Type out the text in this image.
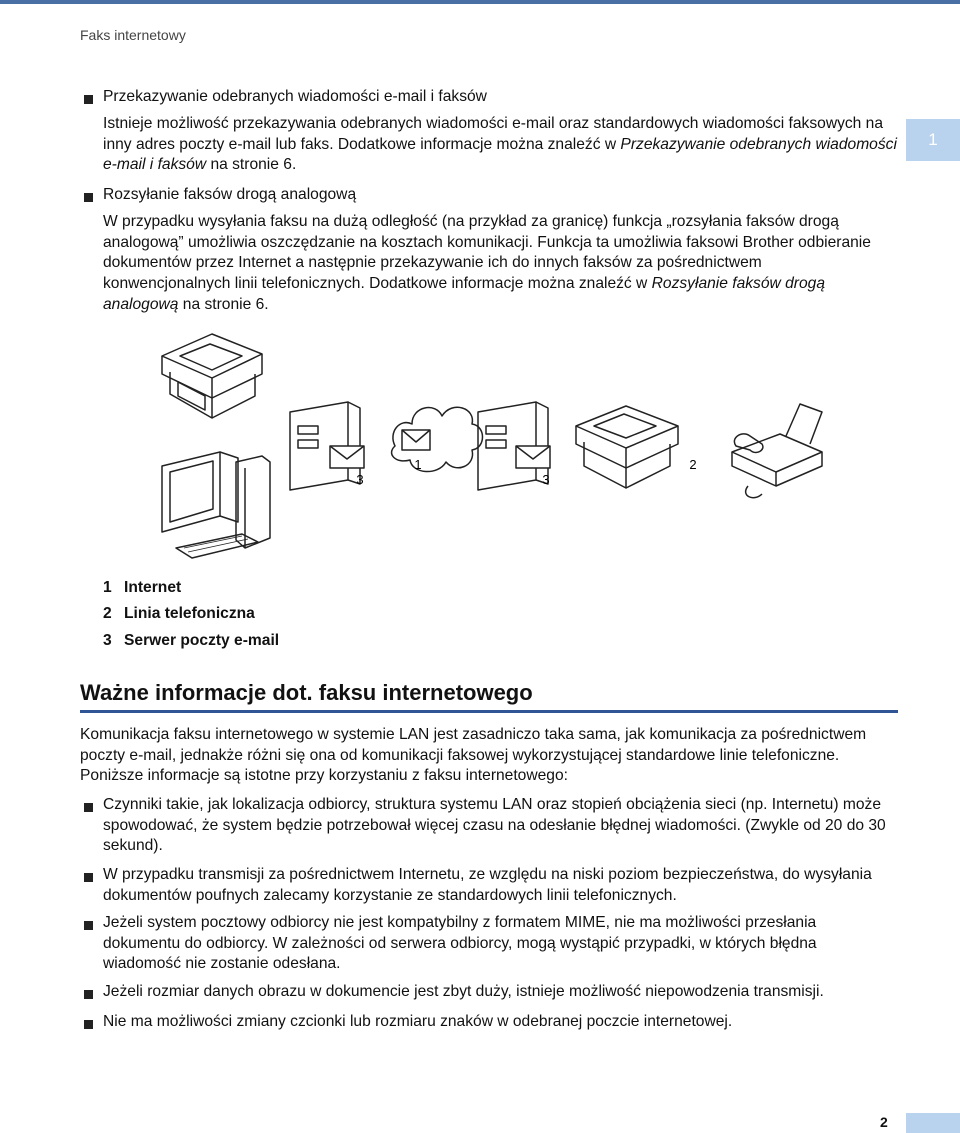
Faks internetowy
1
Przekazywanie odebranych wiadomości e-mail i faksów
Istnieje możliwość przekazywania odebranych wiadomości e-mail oraz standardowych wiadomości faksowych na inny adres poczty e-mail lub faks. Dodatkowe informacje można znaleźć w Przekazywanie odebranych wiadomości e-mail i faksów na stronie 6.
Rozsyłanie faksów drogą analogową
W przypadku wysyłania faksu na dużą odległość (na przykład za granicę) funkcja „rozsyłania faksów drogą analogową” umożliwia oszczędzanie na kosztach komunikacji. Funkcja ta umożliwia faksowi Brother odbieranie dokumentów przez Internet a następnie przekazywanie ich do innych faksów za pośrednictwem konwencjonalnych linii telefonicznych. Dodatkowe informacje można znaleźć w Rozsyłanie faksów drogą analogową na stronie 6.
3
1
3
2
1 Internet
2 Linia telefoniczna
3 Serwer poczty e-mail
Ważne informacje dot. faksu internetowego
Komunikacja faksu internetowego w systemie LAN jest zasadniczo taka sama, jak komunikacja za pośrednictwem poczty e-mail, jednakże różni się ona od komunikacji faksowej wykorzystującej standardowe linie telefoniczne. Poniższe informacje są istotne przy korzystaniu z faksu internetowego:
Czynniki takie, jak lokalizacja odbiorcy, struktura systemu LAN oraz stopień obciążenia sieci (np. Internetu) może spowodować, że system będzie potrzebował więcej czasu na odesłanie błędnej wiadomości. (Zwykle od 20 do 30 sekund).
W przypadku transmisji za pośrednictwem Internetu, ze względu na niski poziom bezpieczeństwa, do wysyłania dokumentów poufnych zalecamy korzystanie ze standardowych linii telefonicznych.
Jeżeli system pocztowy odbiorcy nie jest kompatybilny z formatem MIME, nie ma możliwości przesłania dokumentu do odbiorcy. W zależności od serwera odbiorcy, mogą wystąpić przypadki, w których błędna wiadomość nie zostanie odesłana.
Jeżeli rozmiar danych obrazu w dokumencie jest zbyt duży, istnieje możliwość niepowodzenia transmisji.
Nie ma możliwości zmiany czcionki lub rozmiaru znaków w odebranej poczcie internetowej.
2
